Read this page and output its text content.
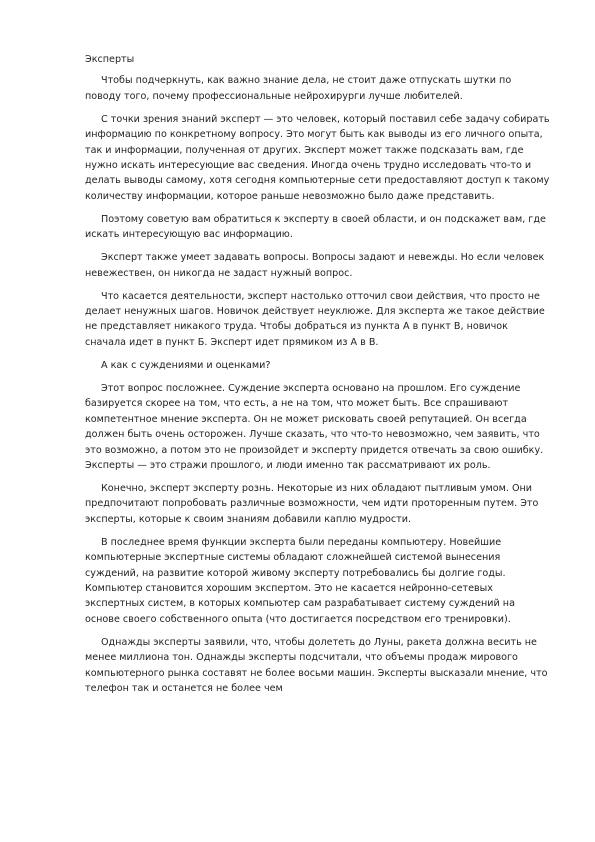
Эксперты

Чтобы подчеркнуть, как важно знание дела, не стоит даже отпускать шутки по поводу того, почему профессиональные нейрохирурги лучше любителей.

С точки зрения знаний эксперт — это человек, который поставил себе задачу собирать информацию по конкретному вопросу. Это могут быть как выводы из его личного опыта, так и информации, полученная от других. Эксперт может также подсказать вам, где нужно искать интересующие вас сведения. Иногда очень трудно исследовать что-то и делать выводы самому, хотя сегодня компьютерные сети предоставляют доступ к такому количеству информации, которое раньше невозможно было даже представить.

Поэтому советую вам обратиться к эксперту в своей области, и он подскажет вам, где искать интересующую вас информацию.

Эксперт также умеет задавать вопросы. Вопросы задают и невежды. Но если человек невежествен, он никогда не задаст нужный вопрос.

Что касается деятельности, эксперт настолько отточил свои действия, что просто не делает ненужных шагов. Новичок действует неуклюже. Для эксперта же такое действие не представляет никакого труда. Чтобы добраться из пункта А в пункт В, новичок сначала идет в пункт Б. Эксперт идет прямиком из А в В.

А как с суждениями и оценками?

Этот вопрос посложнее. Суждение эксперта основано на прошлом. Его суждение базируется скорее на том, что есть, а не на том, что может быть. Все спрашивают компетентное мнение эксперта. Он не может рисковать своей репутацией. Он всегда должен быть очень осторожен. Лучше сказать, что что-то невозможно, чем заявить, что это возможно, а потом это не произойдет и эксперту придется отвечать за свою ошибку. Эксперты — это стражи прошлого, и люди именно так рассматривают их роль.

Конечно, эксперт эксперту рознь. Некоторые из них обладают пытливым умом. Они предпочитают попробовать различные возможности, чем идти проторенным путем. Это эксперты, которые к своим знаниям добавили каплю мудрости.

В последнее время функции эксперта были переданы компьютеру. Новейшие компьютерные экспертные системы обладают сложнейшей системой вынесения суждений, на развитие которой живому эксперту потребовались бы долгие годы. Компьютер становится хорошим экспертом. Это не касается нейронно-сетевых экспертных систем, в которых компьютер сам разрабатывает систему суждений на основе своего собственного опыта (что достигается посредством его тренировки).

Однажды эксперты заявили, что, чтобы долететь до Луны, ракета должна весить не менее миллиона тон. Однажды эксперты подсчитали, что объемы продаж мирового компьютерного рынка составят не более восьми машин. Эксперты высказали мнение, что телефон так и останется не более чем
